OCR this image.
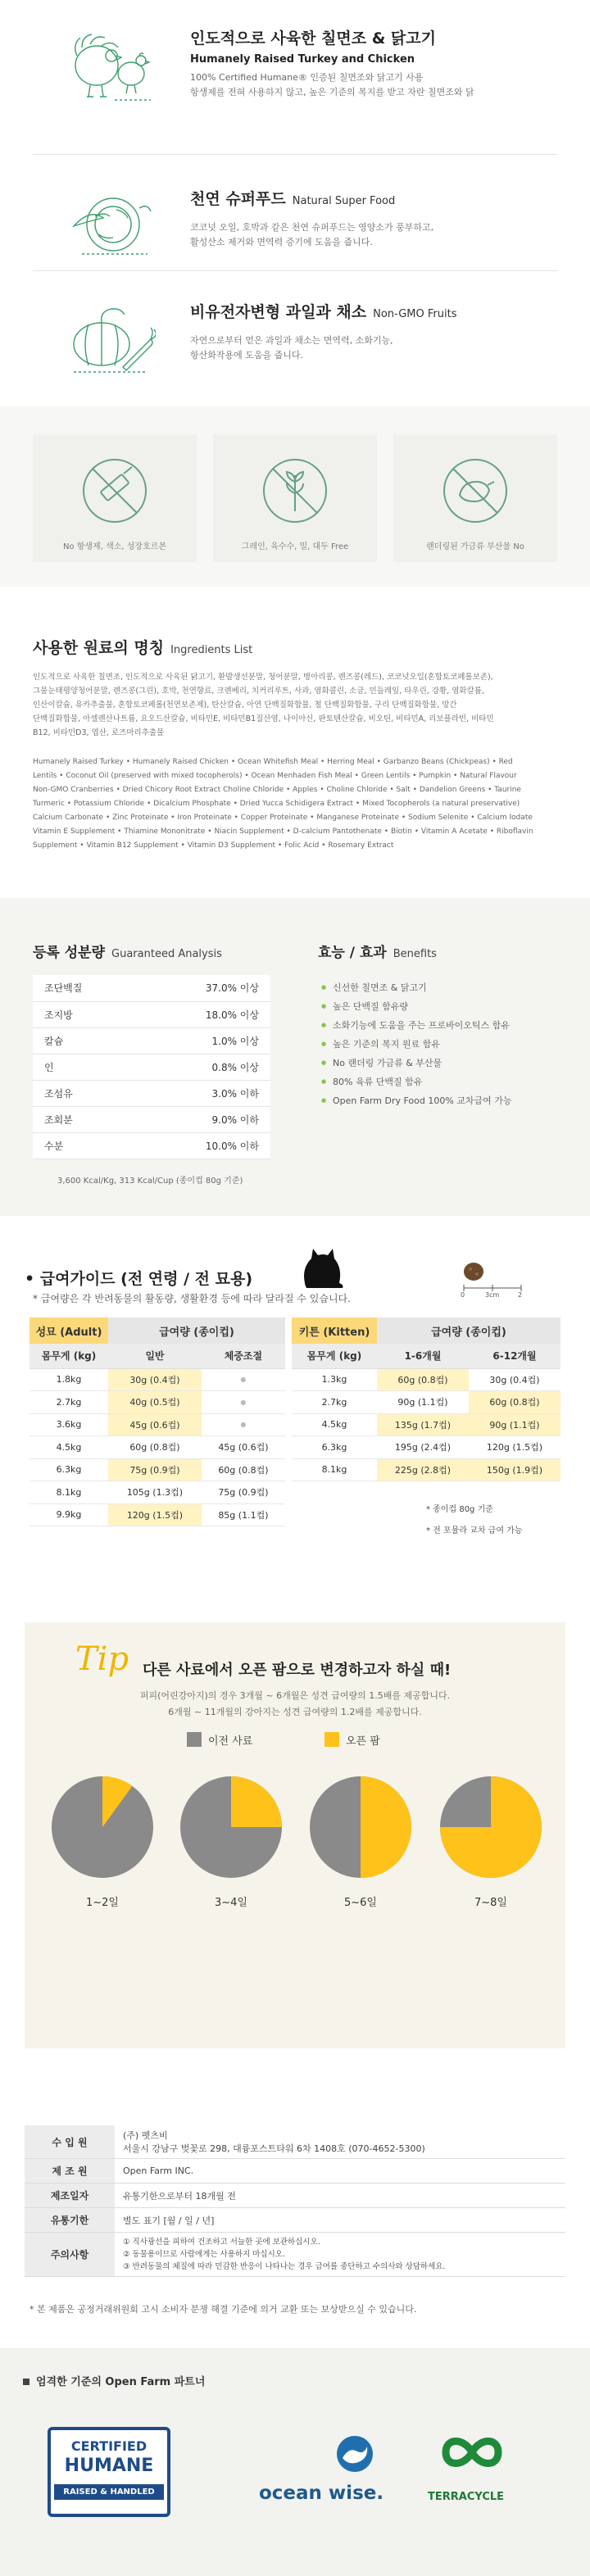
인도적으로 사육한 칠면조 & 닭고기
Humanely Raised Turkey and Chicken

100% Certified Humane® 인증된 칠면조와 닭고기 사용
항생제를 전혀 사용하지 않고, 높은 기준의 복지를 받고 자란 칠면조와 닭

천연 슈퍼푸드 Natural Super Food

코코넛 오일, 호박과 같은 천연 슈퍼푸드는 영양소가 풍부하고,
활성산소 제거와 면역력 증기에 도움을 줍니다.

비유전자변형 과일과 채소 Non-GMO Fruits

자연으로부터 얻은 과일과 채소는 면역력, 소화기능,
항산화작용에 도움을 줍니다.

No 항생제, 색소, 성장호르몬	그레인, 육수수, 밀, 대두 Free	랜더링된 가금류 부산물 No
사용한 원료의 명칭 Ingredients List
인도적으로 사육한 칠면조, 인도적으로 사육된 닭고기, 환발생선분말, 청어분말, 병아리콩, 렌즈콩(레드), 코코넛오일(혼합토코페롤보존),
그물눈태평양청어분말, 렌즈콩(그린), 호박, 천연향료, 크렌베리, 치커리루트, 사과, 염화콜린, 소금, 민들레잎, 타우린, 강황, 염화칼륨,
인산이칼슘, 유카추출물, 혼합토코페롤(천연보존제), 탄산칼슘, 아연 단백질화합물, 철 단백질화합물, 구리 단백질화합물, 망간
단백질화합물, 아셀렌산나트륨, 요오드산칼슘, 비타민E, 비타민B1질산염, 나이아신, 판토텐산칼슘, 비오틴, 비타민A, 리보플라빈, 비타민
B12, 비타민D3, 엽산, 로즈마리추출물
Humanely Raised Turkey • Humanely Raised Chicken • Ocean Whitefish Meal • Herring Meal • Garbanzo Beans (Chickpeas) • Red
Lentils • Coconut Oil (preserved with mixed tocopherols) • Ocean Menhaden Fish Meal • Green Lentils • Pumpkin • Natural Flavour
Non-GMO Cranberries • Dried Chicory Root Extract Choline Chloride • Apples • Choline Chloride • Salt • Dandelion Greens • Taurine
Turmeric • Potassium Chloride • Dicalcium Phosphate • Dried Yucca Schidigera Extract • Mixed Tocopherols (a natural preservative)
Calcium Carbonate • Zinc Proteinate • Iron Proteinate • Copper Proteinate • Manganese Proteinate • Sodium Selenite • Calcium Iodate
Vitamin E Supplement • Thiamine Mononitrate • Niacin Supplement • D-calcium Pantothenate • Biotin • Vitamin A Acetate • Riboflavin
Supplement • Vitamin B12 Supplement • Vitamin D3 Supplement • Folic Acid • Rosemary Extract
등록 성분량 Guaranteed Analysis
조단백질	37.0% 이상
조지방	18.0% 이상
칼슘	1.0% 이상
인	0.8% 이상
조섬유	3.0% 이하
조회분	9.0% 이하
수분	10.0% 이하
3,600 Kcal/Kg, 313 Kcal/Cup (종이컵 80g 기준)
효능 / 효과 Benefits
● 신선한 칠면조 & 닭고기
● 높은 단백질 함유량
● 소화기능에 도움을 주는 프로바이오틱스 함유
● 높은 기준의 복지 원료 함유
● No 랜더링 가금류 & 부산물
● 80% 육류 단백질 함유
● Open Farm Dry Food 100% 교차급여 가능
• 급여가이드 (전 연령 / 전 묘용)
* 급여량은 각 반려동물의 활동량, 생활환경 등에 따라 달라질 수 있습니다.	0	3cm	2
성묘 (Adult)	급여량 (종이컵)	
몸무게 (kg)	일반	체중조절
1.8kg	30g (0.4컵)	●
2.7kg	40g (0.5컵)	●
3.6kg	45g (0.6컵)	●
4.5kg	60g (0.8컵)	45g (0.6컵)
6.3kg	75g (0.9컵)	60g (0.8컵)
8.1kg	105g (1.3컵)	75g (0.9컵)
9.9kg	120g (1.5컵)	85g (1.1컵)
키튼 (Kitten)	급여량 (종이컵)	
몸무게 (kg)	1-6개월	6-12개월
1.3kg	60g (0.8컵)	30g (0.4컵)
2.7kg	90g (1.1컵)	60g (0.8컵)
4.5kg	135g (1.7컵)	90g (1.1컵)
6.3kg	195g (2.4컵)	120g (1.5컵)
8.1kg	225g (2.8컵)	150g (1.9컵)
* 종이컵 80g 기준
* 전 포뮬라 교차 급여 가능
Tip 다른 사료에서 오픈 팜으로 변경하고자 하실 때!
퍼피(어린강아지)의 경우 3개월 ~ 6개월은 성견 급여량의 1.5배를 제공합니다.
6개월 ~ 11개월의 강아지는 성견 급여량의 1.2배를 제공합니다.
이전 사료	오픈 팜
1~2일	3~4일	5~6일	7~8일
수 입 원	(주) 펫츠비
서울시 강남구 벚꽃로 298, 대륭포스트타워 6차 1408호 (070-4652-5300)

제 조 원	Open Farm INC.
제조일자	유통기한으로부터 18개월 전
유통기한	별도 표기 [월 / 일 / 년]
주의사항	① 직사광선을 피하여 건조하고 서늘한 곳에 보관하십시오.
② 동물용이므로 사람에게는 사용하지 마십시오.
③ 반려동물의 체질에 따라 민감한 반응이 나타나는 경우 급여를 중단하고 수의사와 상담하세요.
* 본 제품은 공정거래위원회 고시 소비자 분쟁 해결 기준에 의거 교환 또는 보상받으실 수 있습니다.
엄격한 기준의 Open Farm 파트너
CERTIFIED
HUMANE
RAISED & HANDLED	ocean wise.	TERRACYCLE
